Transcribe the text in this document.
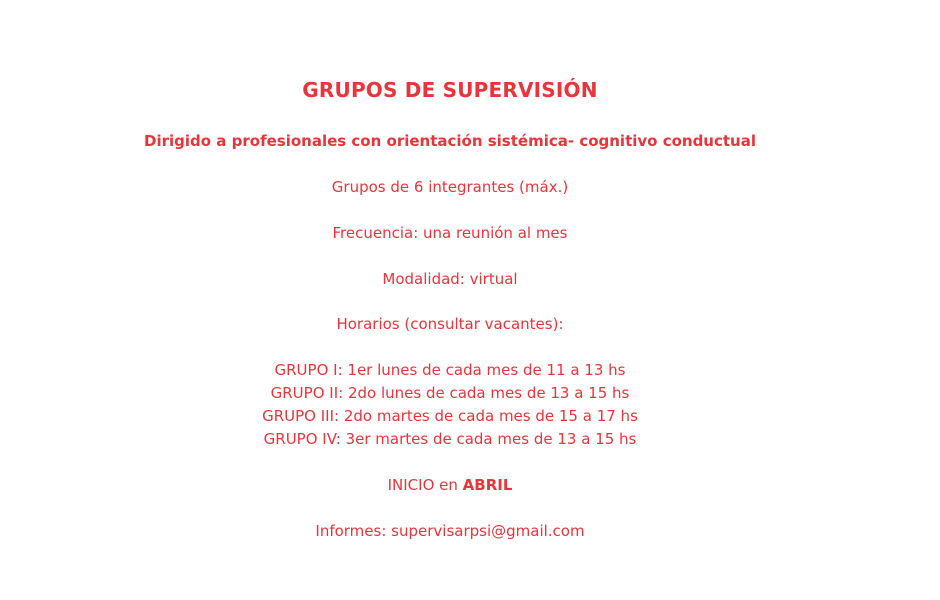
GRUPOS DE SUPERVISIÓN
Dirigido a profesionales con orientación sistémica- cognitivo conductual
Grupos de 6 integrantes (máx.)
Frecuencia: una reunión al mes
Modalidad: virtual
Horarios (consultar vacantes):
GRUPO I: 1er lunes de cada mes de 11 a 13 hs
GRUPO II: 2do lunes de cada mes de 13 a 15 hs
GRUPO III: 2do martes de cada mes de 15 a 17 hs
GRUPO IV: 3er martes de cada mes de 13 a 15 hs
INICIO en ABRIL
Informes: supervisarpsi@gmail.com
